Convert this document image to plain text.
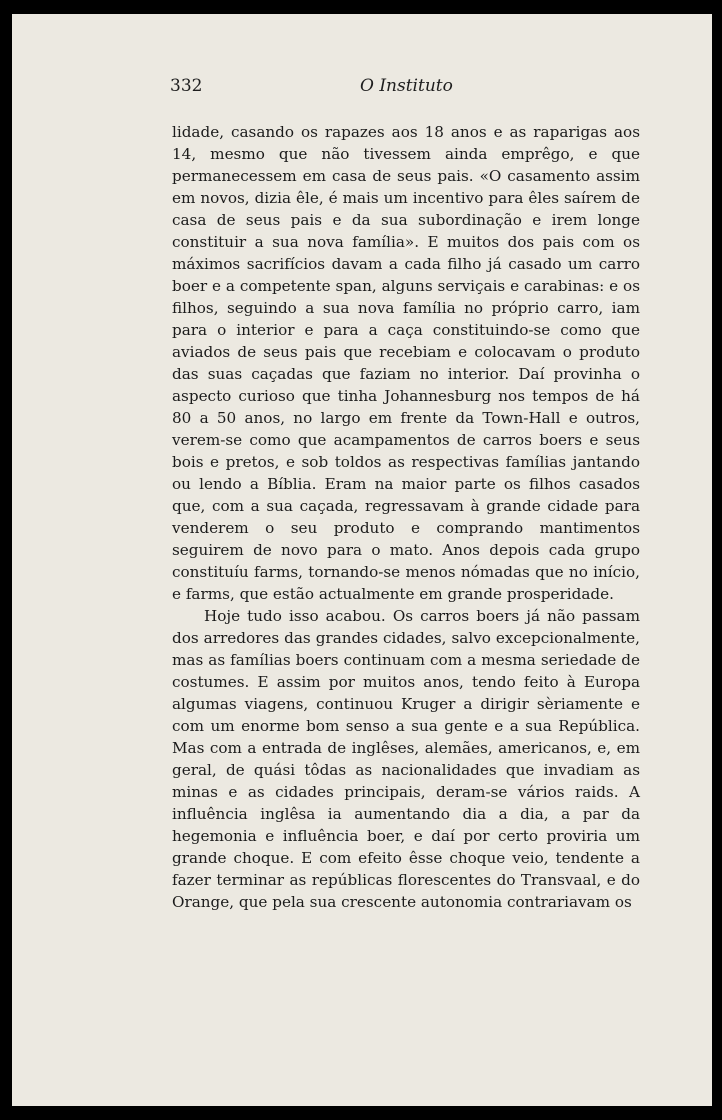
332	O Instituto

lidade, casando os rapazes aos 18 anos e as raparigas aos 14, mesmo que não tivessem ainda emprêgo, e que permanecessem em casa de seus pais. «O casamento assim em novos, dizia êle, é mais um incentivo para êles saírem de casa de seus pais e da sua subordinação e irem longe constituir a sua nova família». E muitos dos pais com os máximos sacrifícios davam a cada filho já casado um carro boer e a competente span, alguns serviçais e carabinas: e os filhos, seguindo a sua nova família no próprio carro, iam para o interior e para a caça constituindo-se como que aviados de seus pais que recebiam e colocavam o produto das suas caçadas que faziam no interior. Daí provinha o aspecto curioso que tinha Johannesburg nos tempos de há 80 a 50 anos, no largo em frente da Town-Hall e outros, verem-se como que acampamentos de carros boers e seus bois e pretos, e sob toldos as respectivas famílias jantando ou lendo a Bíblia. Eram na maior parte os filhos casados que, com a sua caçada, regressavam à grande cidade para venderem o seu produto e comprando mantimentos seguirem de novo para o mato. Anos depois cada grupo constituíu farms, tornando-se menos nómadas que no início, e farms, que estão actualmente em grande prosperidade.

Hoje tudo isso acabou. Os carros boers já não passam dos arredores das grandes cidades, salvo excepcionalmente, mas as famílias boers continuam com a mesma seriedade de costumes. E assim por muitos anos, tendo feito à Europa algumas viagens, continuou Kruger a dirigir sèriamente e com um enorme bom senso a sua gente e a sua República. Mas com a entrada de inglêses, alemães, americanos, e, em geral, de quási tôdas as nacionalidades que invadiam as minas e as cidades principais, deram-se vários raids. A influência inglêsa ia aumentando dia a dia, a par da hegemonia e influência boer, e daí por certo proviria um grande choque. E com efeito êsse choque veio, tendente a fazer terminar as repúblicas florescentes do Transvaal, e do Orange, que pela sua crescente autonomia contrariavam os
